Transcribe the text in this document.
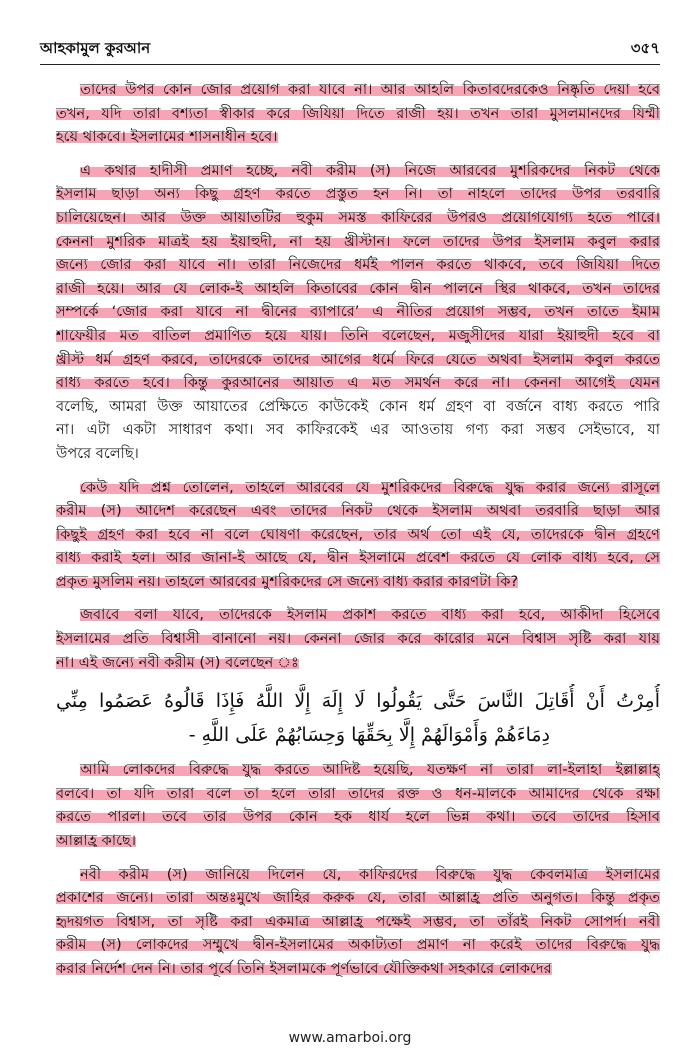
আহকামুল কুরআন	৩৫৭
তাদের উপর কোন জোর প্রয়োগ করা যাবে না। আর আহলি কিতাবদেরকেও নিষ্কৃতি দেয়া হবে
তখন, যদি তারা বশ্যতা স্বীকার করে জিযিয়া দিতে রাজী হয়। তখন তারা মুসলমানদের যিম্মী
হয়ে থাকবে। ইসলামের শাসনাধীন হবে।
এ কথার হাদীসী প্রমাণ হচ্ছে, নবী করীম (স) নিজে আরবের মুশরিকদের নিকট থেকে
ইসলাম ছাড়া অন্য কিছু গ্রহণ করতে প্রস্তুত হন নি। তা নাহলে তাদের উপর তরবারি
চালিয়েছেন। আর উক্ত আয়াতটির হুকুম সমস্ত কাফিরের উপরও প্রয়োগযোগ্য হতে পারে।
কেননা মুশরিক মাত্রই হয় ইয়াহুদী, না হয় খ্রীস্টান। ফলে তাদের উপর ইসলাম কবুল করার
জন্যে জোর করা যাবে না। তারা নিজেদের ধর্মই পালন করতে থাকবে, তবে জিযিয়া দিতে
রাজী হয়ে। আর যে লোক-ই আহলি কিতাবের কোন দ্বীন পালনে স্থির থাকবে, তখন তাদের
সম্পর্কে ‘জোর করা যাবে না দ্বীনের ব্যাপারে’ এ নীতির প্রয়োগ সম্ভব, তখন তাতে ইমাম
শাফেয়ীর মত বাতিল প্রমাণিত হয়ে যায়। তিনি বলেছেন, মজুসীদের যারা ইয়াহুদী হবে বা
খ্রীস্ট ধর্ম গ্রহণ করবে, তাদেরকে তাদের আগের ধর্মে ফিরে যেতে অথবা ইসলাম কবুল করতে
বাধ্য করতে হবে। কিন্তু কুরআনের আয়াত এ মত সমর্থন করে না। কেননা আগেই যেমন
বলেছি, আমরা উক্ত আয়াতের প্রেক্ষিতে কাউকেই কোন ধর্ম গ্রহণ বা বর্জনে বাধ্য করতে পারি
না। এটা একটা সাধারণ কথা। সব কাফিরকেই এর আওতায় গণ্য করা সম্ভব সেইভাবে, যা
উপরে বলেছি।
কেউ যদি প্রশ্ন তোলেন, তাহলে আরবের যে মুশরিকদের বিরুদ্ধে যুদ্ধ করার জন্যে রাসূলে
করীম (স) আদেশ করেছেন এবং তাদের নিকট থেকে ইসলাম অথবা তরবারি ছাড়া আর
কিছুই গ্রহণ করা হবে না বলে ঘোষণা করেছেন, তার অর্থ তো এই যে, তাদেরকে দ্বীন গ্রহণে
বাধ্য করাই হল। আর জানা-ই আছে যে, দ্বীন ইসলামে প্রবেশ করতে যে লোক বাধ্য হবে, সে
প্রকৃত মুসলিম নয়। তাহলে আরবের মুশরিকদের সে জন্যে বাধ্য করার কারণটা কি?
জবাবে বলা যাবে, তাদেরকে ইসলাম প্রকাশ করতে বাধ্য করা হবে, আকীদা হিসেবে
ইসলামের প্রতি বিশ্বাসী বানানো নয়। কেননা জোর করে কারোর মনে বিশ্বাস সৃষ্টি করা যায়
না। এই জন্যে নবী করীম (স) বলেছেন ঃ
أُمِرْتُ أَنْ أُقَاتِلَ النَّاسَ حَتَّى يَقُولُوا لَا إِلَهَ إِلَّا اللَّهُ فَإِذَا قَالُوهُ عَصَمُوا مِنِّي
دِمَاءَهُمْ وَأَمْوَالَهُمْ إِلَّا بِحَقِّهَا وَحِسَابُهُمْ عَلَى اللَّهِ -
আমি লোকদের বিরুদ্ধে যুদ্ধ করতে আদিষ্ট হয়েছি, যতক্ষণ না তারা লা-ইলাহা ইল্লাল্লাহ্
বলবে। তা যদি তারা বলে তা হলে তারা তাদের রক্ত ও ধন-মালকে আমাদের থেকে রক্ষা
করতে পারল। তবে তার উপর কোন হক ধার্য হলে ভিন্ন কথা। তবে তাদের হিসাব
আল্লাহ্র কাছে।
নবী করীম (স) জানিয়ে দিলেন যে, কাফিরদের বিরুদ্ধে যুদ্ধ কেবলমাত্র ইসলামের
প্রকাশের জন্যে। তারা অন্তঃমুখে জাহির করুক যে, তারা আল্লাহ্র প্রতি অনুগত। কিন্তু প্রকৃত
হৃদয়গত বিশ্বাস, তা সৃষ্টি করা একমাত্র আল্লাহ্র পক্ষেই সম্ভব, তা তাঁরই নিকট সোপর্দ। নবী
করীম (স) লোকদের সম্মুখে দ্বীন-ইসলামের অকাট্যতা প্রমাণ না করেই তাদের বিরুদ্ধে যুদ্ধ
করার নির্দেশ দেন নি। তার পূর্বে তিনি ইসলামকে পূর্ণভাবে যৌক্তিকথা সহকারে লোকদের
www.amarboi.org
